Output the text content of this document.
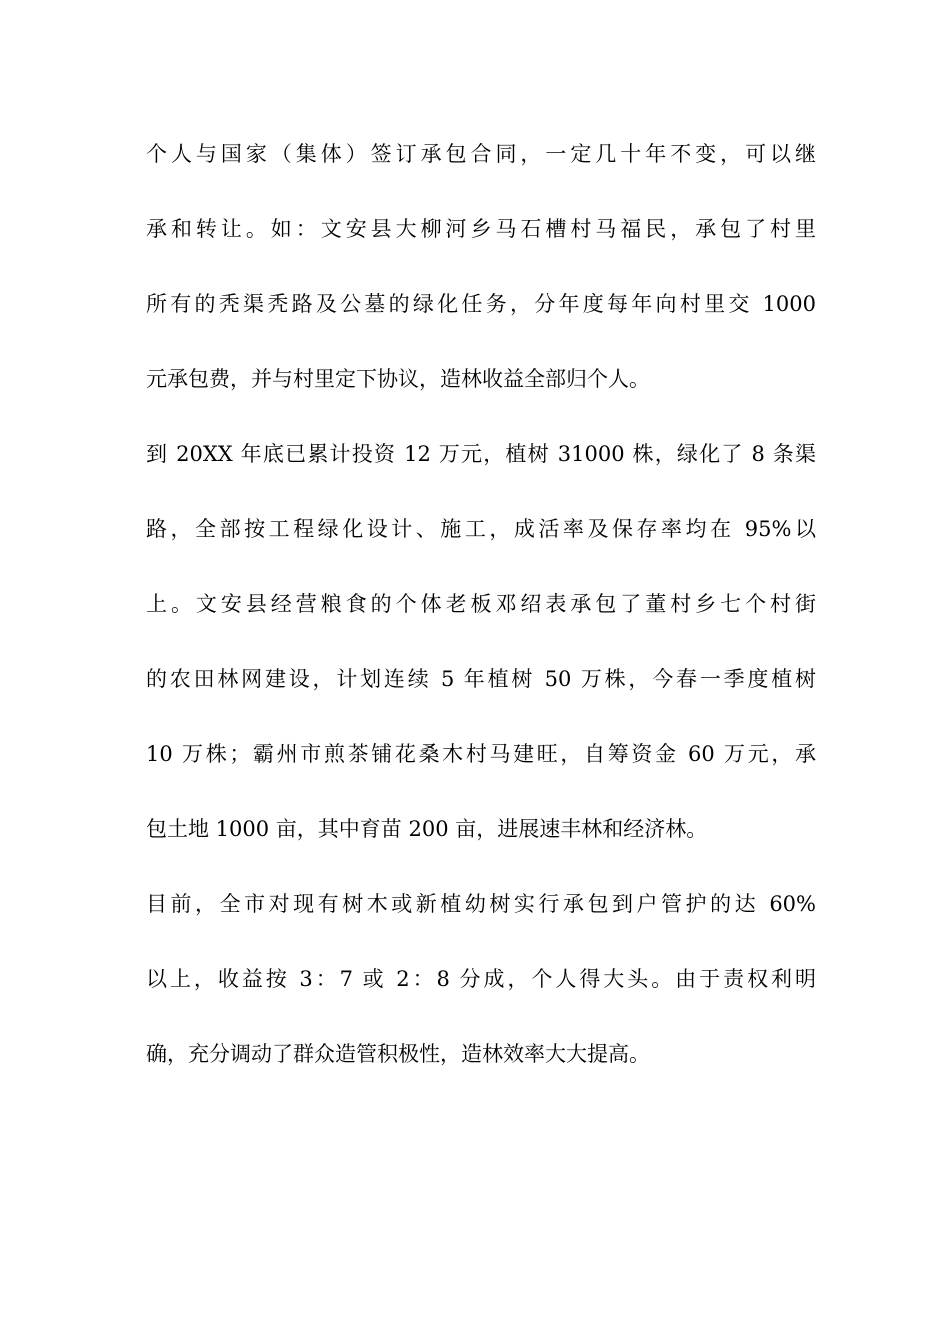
个人与国家（集体）签订承包合同，一定几十年不变，可以继
承和转让。如：文安县大柳河乡马石槽村马福民，承包了村里
所有的秃渠秃路及公墓的绿化任务，分年度每年向村里交 1000
元承包费，并与村里定下协议，造林收益全部归个人。
到 20XX 年底已累计投资 12 万元，植树 31000 株，绿化了 8 条渠
路，全部按工程绿化设计、施工，成活率及保存率均在 95%以
上。文安县经营粮食的个体老板邓绍表承包了董村乡七个村街
的农田林网建设，计划连续 5 年植树 50 万株，今春一季度植树
10 万株；霸州市煎茶铺花桑木村马建旺，自筹资金 60 万元，承
包土地 1000 亩，其中育苗 200 亩，进展速丰林和经济林。
目前，全市对现有树木或新植幼树实行承包到户管护的达 60%
以上，收益按 3：7 或 2：8 分成，个人得大头。由于责权利明
确，充分调动了群众造管积极性，造林效率大大提高。
